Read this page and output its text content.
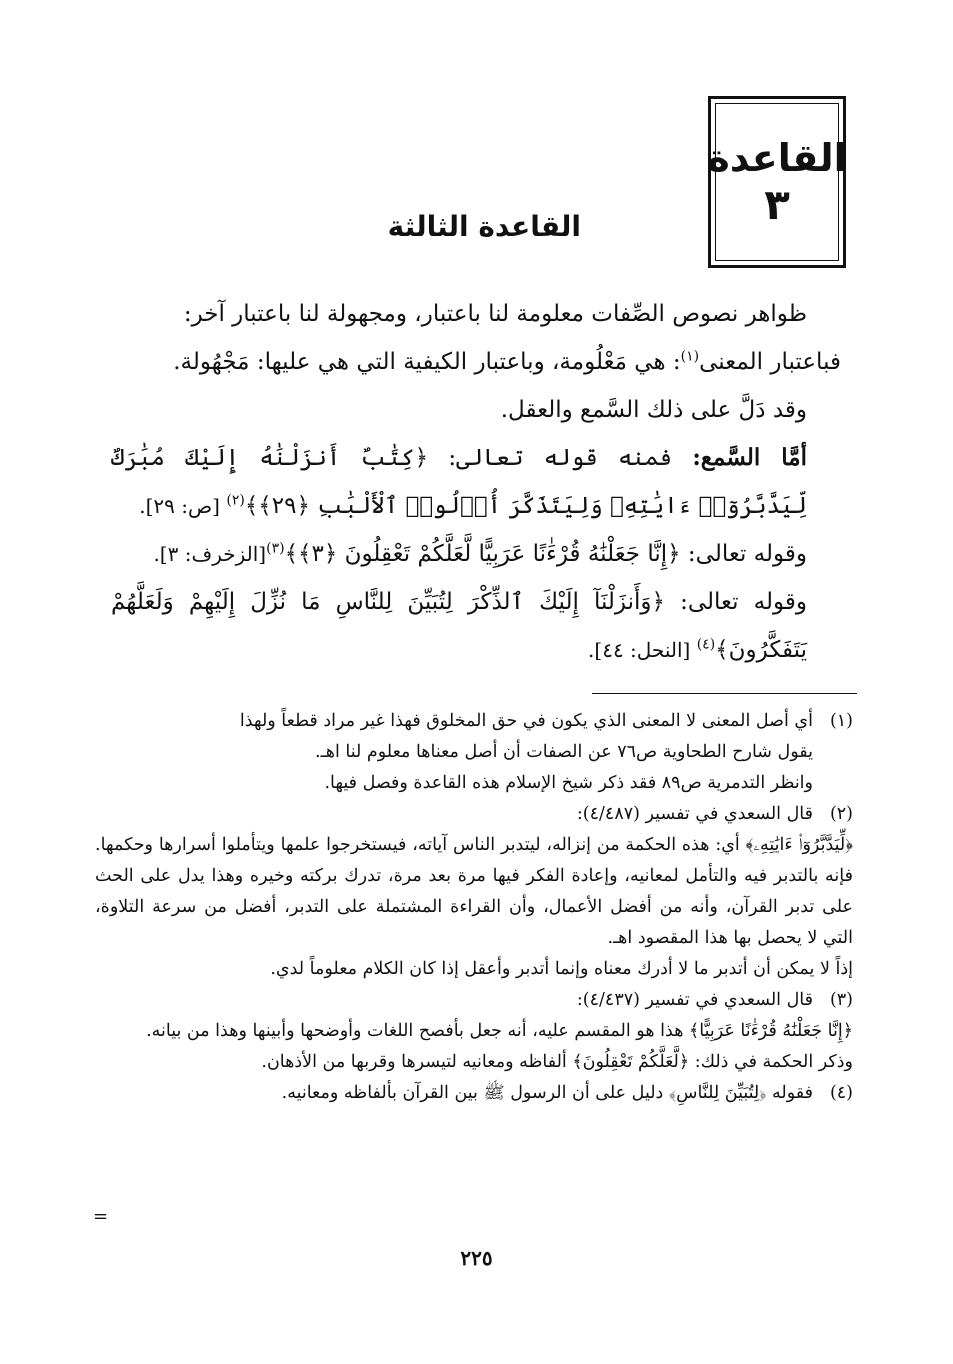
القاعدة
٣
القاعدة الثالثة

ظواهر نصوص الصِّفات معلومة لنا باعتبار، ومجهولة لنا باعتبار آخر:

فباعتبار المعنى$^{(١)}$: هي مَعْلُومة، وباعتبار الكيفية التي هي عليها: مَجْهُولة.

وقد دَلَّ على ذلك السَّمع والعقل.

أمَّا السَّمع: فمنه قوله تعالى: ﴿كِتَٰبٌ أَنزَلْنَٰهُ إِلَيْكَ مُبَٰرَكٌ لِّيَدَّبَّرُوٓا۟ ءَايَٰتِهِۦ وَلِيَتَذَكَّرَ أُو۟لُوا۟ ٱلْأَلْبَٰبِ ﴿٢٩﴾﴾$^{(٢)}$ [ص: ٢٩].

وقوله تعالى: ﴿إِنَّا جَعَلْنَٰهُ قُرْءَٰنًا عَرَبِيًّا لَّعَلَّكُمْ تَعْقِلُونَ ﴿٣﴾﴾$^{(٣)}$[الزخرف: ٣].

وقوله تعالى: ﴿وَأَنزَلْنَآ إِلَيْكَ ٱلذِّكْرَ لِتُبَيِّنَ لِلنَّاسِ مَا نُزِّلَ إِلَيْهِمْ وَلَعَلَّهُمْ يَتَفَكَّرُونَ﴾$^{(٤)}$ [النحل: ٤٤].

(١)

أي أصل المعنى لا المعنى الذي يكون في حق المخلوق فهذا غير مراد قطعاً ولهذا

يقول شارح الطحاوية ص٧٦ عن الصفات أن أصل معناها معلوم لنا اهـ.

وانظر التدمرية ص٨٩ فقد ذكر شيخ الإسلام هذه القاعدة وفصل فيها.

(٢)

قال السعدي في تفسير (٤/٤٨٧):

﴿لِّيَدَّبَّرُوٓا۟ ءَايَٰتِهِۦ﴾ أي: هذه الحكمة من إنزاله، ليتدبر الناس آياته، فيستخرجوا علمها ويتأملوا أسرارها وحكمها. فإنه بالتدبر فيه والتأمل لمعانيه، وإعادة الفكر فيها مرة بعد مرة، تدرك بركته وخيره وهذا يدل على الحث على تدبر القرآن، وأنه من أفضل الأعمال، وأن القراءة المشتملة على التدبر، أفضل من سرعة التلاوة، التي لا يحصل بها هذا المقصود اهـ.

إذاً لا يمكن أن أتدبر ما لا أدرك معناه وإنما أتدبر وأعقل إذا كان الكلام معلوماً لدي.

(٣)

قال السعدي في تفسير (٤/٤٣٧):

﴿إِنَّا جَعَلْنَٰهُ قُرْءَٰنًا عَرَبِيًّا﴾ هذا هو المقسم عليه، أنه جعل بأفصح اللغات وأوضحها وأبينها وهذا من بيانه.

وذكر الحكمة في ذلك: ﴿لَّعَلَّكُمْ تَعْقِلُونَ﴾ ألفاظه ومعانيه لتيسرها وقربها من الأذهان.

(٤)

فقوله ﴿لِتُبَيِّنَ لِلنَّاسِ﴾ دليل على أن الرسول ﷺ بين القرآن بألفاظه ومعانيه.

=
٢٢٥
